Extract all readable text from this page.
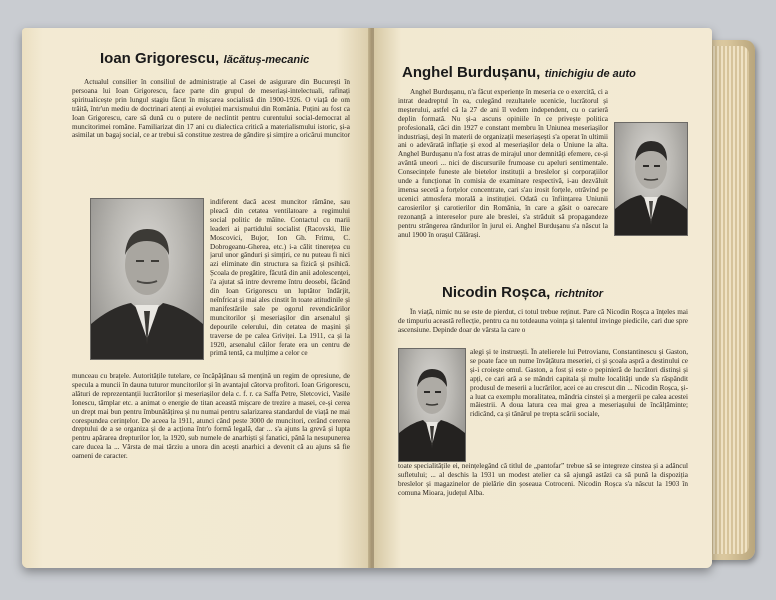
Ioan Grigorescu, lăcătuș-mecanic

Actualul consilier în consiliul de administrație al Casei de asigurare din București în persoana lui Ioan Grigorescu, face parte din grupul de meseriași-intelectuali, rafinați spiritualicește prin lungul stagiu făcut în mișcarea socialistă din 1900-1926. O viață de om trăită, într'un mediu de doctrinari atenți ai evoluției marxismului din România. Puțini au fost ca Ioan Grigorescu, care să dună cu o putere de neclintit pentru curentului social-democrat al muncitorimei române. Familiarizat din 17 ani cu dialectica critică a materialismului istoric, și-a asimilat un bagaj social, ce ar trebui să constitue zestrea de gândire și simțire a oricărui muncitor

indiferent dacă acest muncitor rămâne, sau pleacă din cetatea ventilatoare a regimului social politic de mâine. Contactul cu marii leaderi ai partidului socialist (Racovski, Ilie Moscovici, Bujor, Ion Gh. Frimu, C. Dobrogeanu-Gherea, etc.) i-a călit tinerețea cu jarul unor gânduri și simțiri, ce nu puteau fi nici azi eliminate din structura sa fizică și psihică. Școala de pregătire, făcută din anii adolescenței, i'a ajutat să intre devreme întru deosebi, făcând din Ioan Grigorescu un luptător îndârjit, neînfricat și mai ales cinstit în toate atitudinile și manifestările sale pe ogorul revendicărilor muncitorilor și meseriașilor din arsenalul și depourile celerului, din cetatea de mașini și traverse de pe calea Griviței. La 1911, ca și la 1920, arsenalul căilor ferate era un centru de primă tentă, ca mulțime a celor ce

munceau cu brațele. Autoritățile tutelare, ce încăpățânau să mențină un regim de opresiune, de specula a muncii în dauna tuturor muncitorilor și în avantajul câtorva profitori. Ioan Grigorescu, alături de reprezentanții lucrătorilor și meseriașilor dela c. f. r. ca Saffa Petre, Sletcovici, Vasile Ionescu, tâmplar etc. a animat o energie de titan această mișcare de trezire a masei, ce-și cerea un drept mai bun pentru îmbunătățirea și nu numai pentru salarizarea standardul de viață ne mai corespundea cerințelor. De aceea la 1911, atunci când peste 3000 de muncitori, cerând cererea dreptului de a se organiza și de a acționa într'o formă legală, dar ... s'a ajuns la grevă și lupta pentru apărarea drepturilor lor, la 1920, sub numele de anarhiști și fanatici, până la nesupunerea care ducea la ... Vârsta de mai târziu a unora din acești anarhici a devenit că au ajuns să fie oameni de caracter.

Anghel Burdușanu, tinichigiu de auto

Anghel Burdușanu, n'a făcut experiențe în meseria ce o exercită, ci a intrat deadreptul în ea, culegând rezultatele ucenicie, lucrătorul și meșterului, astfel că la 27 de ani îl vedem independent, cu o carieră deplin formată. Nu și-a ascuns opiniile în ce privește politica profesională, căci din 1927 e constant membru în Uniunea meseriașilor industriași, deși în materii de organizații meseriașești s'a operat în ultimii ani o adevărată inflație și exod al meseriașilor dela o Uniune la alta. Anghel Burdușanu n'a fost atras de mirajul unor demnități efemere, ce-și avântă uneori ... nici de discursurile frumoase cu apeluri sentimentale. Consecințele funeste ale bietelor instituții a breslelor și corporațiilor unde a funcționat în comisia de examinare respectivă, i-au dezvăluit imensa secetă a forțelor concentrate, cari s'au irosit forțele, otrăvind pe ucenici atmosfera morală a instituției. Odată cu înființarea Uniunii carosierilor și carotierilor din România, în care a găsit o oarecare rezonanță a intereselor pure ale breslei, s'a străduit să propagandeze pentru strângerea rândurilor în jurul ei. Anghel Burdușanu s'a născut la anul 1900 în orașul Călărași.

Nicodin Roșca, richtnitor

În viață, nimic nu se este de pierdut, ci totul trebue reținut. Pare că Nicodin Roșca a înțeles mai de timpuriu această reflecție, pentru ca nu totdeauna voința și talentul invinge piedicile, cari due spre ascensiune. Depinde doar de vârsta la care o

alegi și te instruești. În atelierele lui Petrovianu, Constantinescu și Gaston, se poate face un nume învățătura meseriei, ci și școala aspră a destinului ce și-i croiește omul. Gaston, a fost și este o pepinieră de lucrători distinși și apți, ce cari ară a se mândri capitala și multe localități unde s'a răspândit produsul de meserii a lucrărilor, acei ce au crescut din ... Nicodin Roșca, și-a luat ca exemplu moralitatea, mândria cinstei și a mergerii pe calea acestei măiestrii. A doua latura cea mai grea a meseriașului de încălțăminte; ridicând, ca și tânărul pe trepta scării sociale,

toate specialitățile ei, neințelegând că titlul de „pantofar” trebue să se integreze cinstea și a adâncul sufletului; ... al deschis la 1931 un modest atelier ca să ajungă astăzi ca să pună la dispoziția breslelor și magazinelor de pielărie din șoseaua Cotroceni. Nicodin Roșca s'a născut la 1903 în comuna Mioara, județul Alba.
